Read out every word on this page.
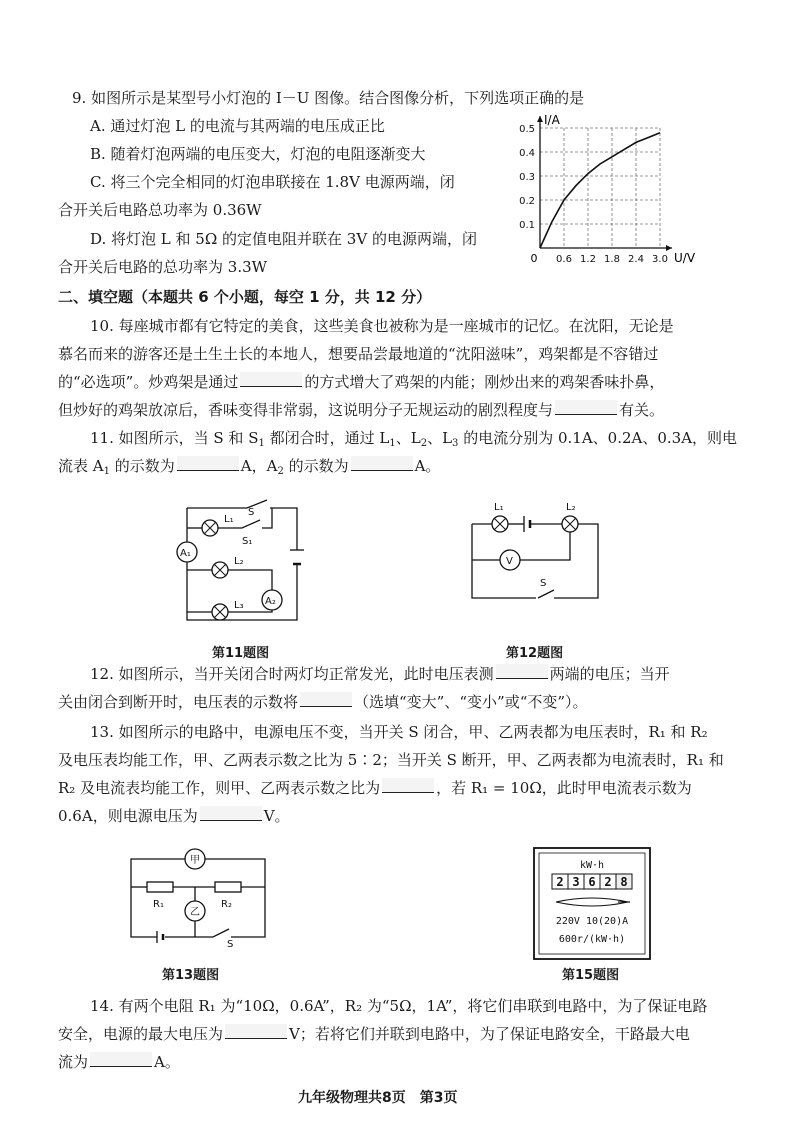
9. 如图所示是某型号小灯泡的 I－U 图像。结合图像分析，下列选项正确的是
A. 通过灯泡 L 的电流与其两端的电压成正比
B. 随着灯泡两端的电压变大，灯泡的电阻逐渐变大
C. 将三个完全相同的灯泡串联接在 1.8V 电源两端，闭
合开关后电路总功率为 0.36W
D. 将灯泡 L 和 5Ω 的定值电阻并联在 3V 的电源两端，闭
合开关后电路的总功率为 3.3W	0.6 1.2 1.8 2.4 3.0
0.1
0.2
0.3
0.4
0.5
I/A
U/V
0
二、填空题（本题共 6 个小题，每空 1 分，共 12 分）
10. 每座城市都有它特定的美食，这些美食也被称为是一座城市的记忆。在沈阳，无论是
慕名而来的游客还是土生土长的本地人，想要品尝最地道的“沈阳滋味”，鸡架都是不容错过
的“必选项”。炒鸡架是通过	的方式增大了鸡架的内能；刚炒出来的鸡架香味扑鼻，
但炒好的鸡架放凉后，香味变得非常弱，这说明分子无规运动的剧烈程度与	有关。
11. 如图所示，当 S 和 $S_1$ 都闭合时，通过 $L_1$、$L_2$、$L_3$ 的电流分别为 0.1A、0.2A、0.3A，则电
流表 $A_1$ 的示数为	A，$A_2$ 的示数为	A。
L₁
L₂
L₃
S
S₁
A₁
A₂
第11题图
L₁	L₂
V
S
第12题图
12. 如图所示，当开关闭合时两灯均正常发光，此时电压表测	两端的电压；当开
关由闭合到断开时，电压表的示数将	（选填“变大”、“变小”或“不变”）。
13. 如图所示的电路中，电源电压不变，当开关 S 闭合，甲、乙两表都为电压表时，R₁ 和 R₂
及电压表均能工作，甲、乙两表示数之比为 5∶2；当开关 S 断开，甲、乙两表都为电流表时，R₁ 和
R₂ 及电流表均能工作，则甲、乙两表示数之比为	，若 R₁ = 10Ω，此时甲电流表示数为
0.6A，则电源电压为	V。
甲
乙
R₁	R₂
S
第13题图
kW·h
2 3 6 2 8
220V 10(20)A
600r/(kW·h)
第15题图
14. 有两个电阻 R₁ 为“10Ω，0.6A”，R₂ 为“5Ω，1A”，将它们串联到电路中，为了保证电路
安全，电源的最大电压为	V；若将它们并联到电路中，为了保证电路安全，干路最大电
流为	A。
九年级物理共8页　第3页
